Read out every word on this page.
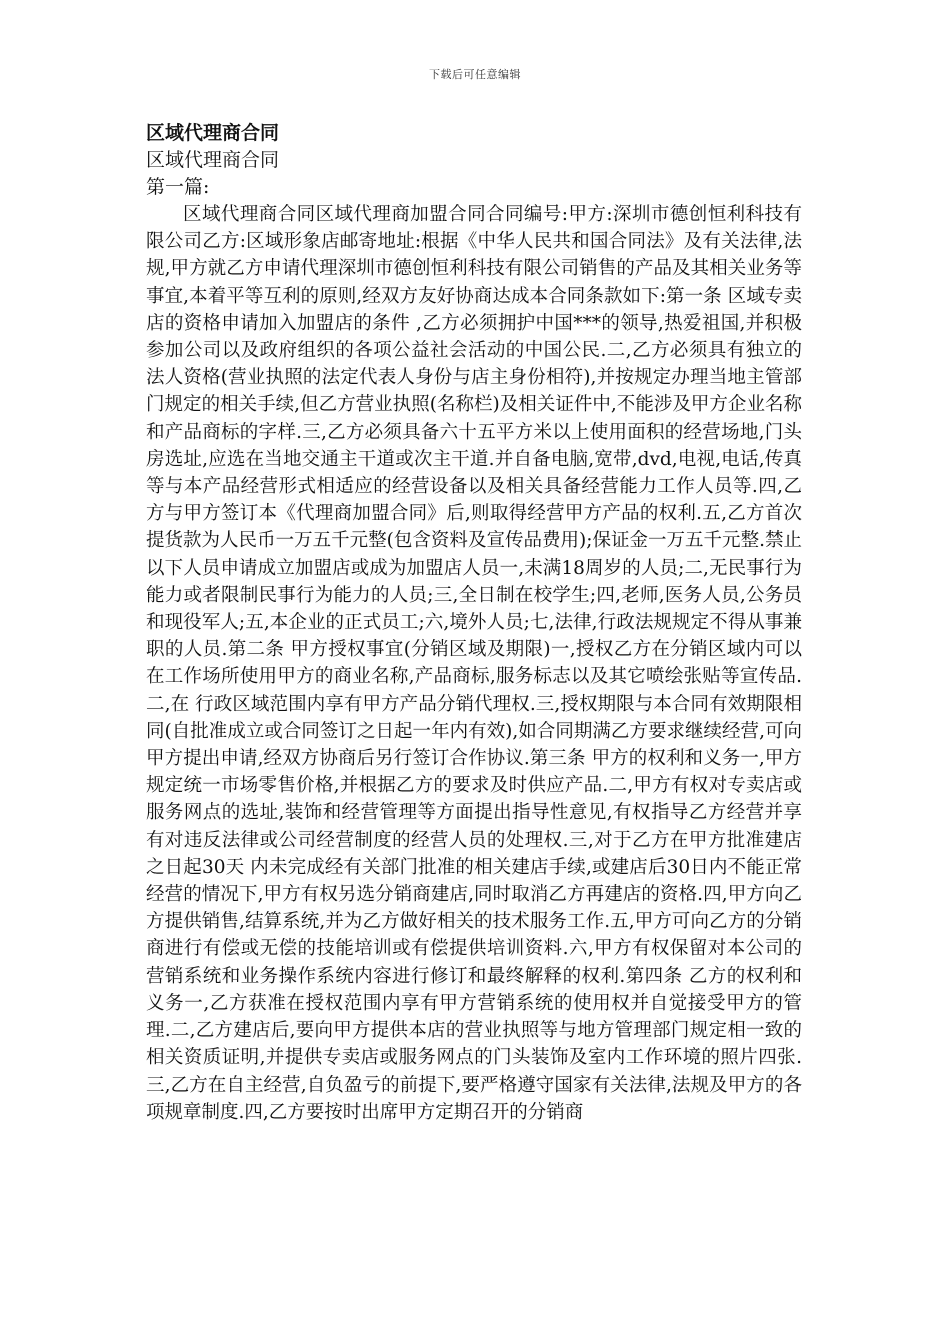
下载后可任意编辑
区域代理商合同

区域代理商合同

第一篇:

区域代理商合同区域代理商加盟合同合同编号:甲方:深圳市德创恒利科技有限公司乙方:区域形象店邮寄地址:根据《中华人民共和国合同法》及有关法律,法规,甲方就乙方申请代理深圳市德创恒利科技有限公司销售的产品及其相关业务等事宜,本着平等互利的原则,经双方友好协商达成本合同条款如下:第一条 区域专卖店的资格申请加入加盟店的条件 ,乙方必须拥护中国***的领导,热爱祖国,并积极参加公司以及政府组织的各项公益社会活动的中国公民.二,乙方必须具有独立的法人资格(营业执照的法定代表人身份与店主身份相符),并按规定办理当地主管部门规定的相关手续,但乙方营业执照(名称栏)及相关证件中,不能涉及甲方企业名称和产品商标的字样.三,乙方必须具备六十五平方米以上使用面积的经营场地,门头房选址,应选在当地交通主干道或次主干道.并自备电脑,宽带,dvd,电视,电话,传真等与本产品经营形式相适应的经营设备以及相关具备经营能力工作人员等.四,乙方与甲方签订本《代理商加盟合同》后,则取得经营甲方产品的权利.五,乙方首次提货款为人民币一万五千元整(包含资料及宣传品费用);保证金一万五千元整.禁止以下人员申请成立加盟店或成为加盟店人员一,未满18周岁的人员;二,无民事行为能力或者限制民事行为能力的人员;三,全日制在校学生;四,老师,医务人员,公务员和现役军人;五,本企业的正式员工;六,境外人员;七,法律,行政法规规定不得从事兼职的人员.第二条 甲方授权事宜(分销区域及期限)一,授权乙方在分销区域内可以在工作场所使用甲方的商业名称,产品商标,服务标志以及其它喷绘张贴等宣传品.二,在 行政区域范围内享有甲方产品分销代理权.三,授权期限与本合同有效期限相同(自批准成立或合同签订之日起一年内有效),如合同期满乙方要求继续经营,可向甲方提出申请,经双方协商后另行签订合作协议.第三条 甲方的权利和义务一,甲方规定统一市场零售价格,并根据乙方的要求及时供应产品.二,甲方有权对专卖店或服务网点的选址,装饰和经营管理等方面提出指导性意见,有权指导乙方经营并享有对违反法律或公司经营制度的经营人员的处理权.三,对于乙方在甲方批准建店之日起30天 内未完成经有关部门批准的相关建店手续,或建店后30日内不能正常经营的情况下,甲方有权另选分销商建店,同时取消乙方再建店的资格.四,甲方向乙方提供销售,结算系统,并为乙方做好相关的技术服务工作.五,甲方可向乙方的分销商进行有偿或无偿的技能培训或有偿提供培训资料.六,甲方有权保留对本公司的营销系统和业务操作系统内容进行修订和最终解释的权利.第四条 乙方的权利和义务一,乙方获准在授权范围内享有甲方营销系统的使用权并自觉接受甲方的管理.二,乙方建店后,要向甲方提供本店的营业执照等与地方管理部门规定相一致的相关资质证明,并提供专卖店或服务网点的门头装饰及室内工作环境的照片四张.三,乙方在自主经营,自负盈亏的前提下,要严格遵守国家有关法律,法规及甲方的各项规章制度.四,乙方要按时出席甲方定期召开的分销商
